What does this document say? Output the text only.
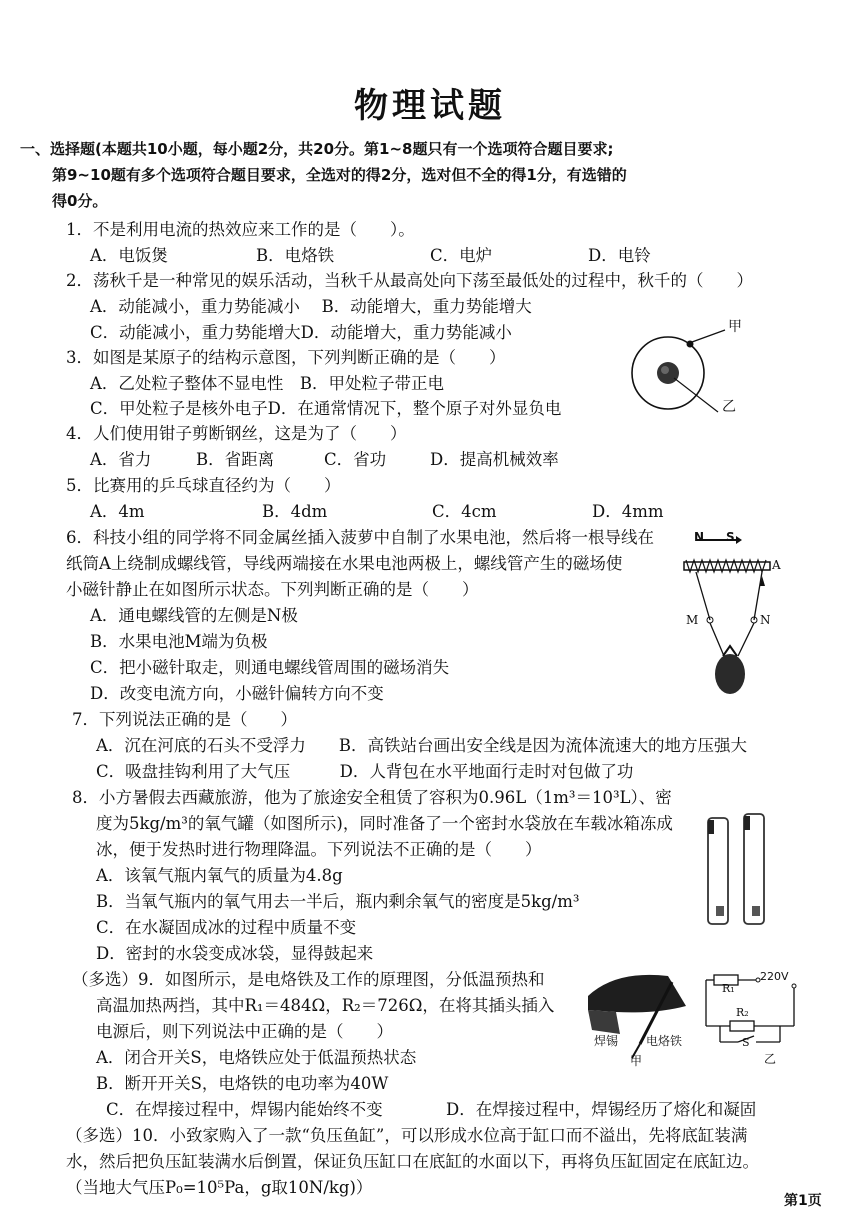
物理试题
一、选择题(本题共10小题，每小题2分，共20分。第1~8题只有一个选项符合题目要求;
第9~10题有多个选项符合题目要求，全选对的得2分，选对但不全的得1分，有选错的
得0分。
1．不是利用电流的热效应来工作的是（　　）。
A．电饭煲	B．电烙铁	C．电炉	D．电铃
2．荡秋千是一种常见的娱乐活动，当秋千从最高处向下荡至最低处的过程中，秋千的（　　）
A．动能减小，重力势能减小　 B．动能增大，重力势能增大
C．动能减小，重力势能增大D．动能增大，重力势能减小
3．如图是某原子的结构示意图，下列判断正确的是（　　）
A．乙处粒子整体不显电性　B．甲处粒子带正电
C．甲处粒子是核外电子D．在通常情况下，整个原子对外显负电
甲
乙
4．人们使用钳子剪断钢丝，这是为了（　　）
A．省力	B．省距离	C．省功	D．提高机械效率
5．比赛用的乒乓球直径约为（　　）
A．4m	B．4dm	C．4cm	D．4mm
6．科技小组的同学将不同金属丝插入菠萝中自制了水果电池，然后将一根导线在
纸筒A上绕制成螺线管，导线两端接在水果电池两极上，螺线管产生的磁场使
小磁针静止在如图所示状态。下列判断正确的是（　　）
A．通电螺线管的左侧是N极
B．水果电池M端为负极
C．把小磁针取走，则通电螺线管周围的磁场消失
D．改变电流方向，小磁针偏转方向不变
N S
A
M	N
7．下列说法正确的是（　　）
A．沉在河底的石头不受浮力　　B．高铁站台画出安全线是因为流体流速大的地方压强大
C．吸盘挂钩利用了大气压　　　D．人背包在水平地面行走时对包做了功
8．小方暑假去西藏旅游，他为了旅途安全租赁了容积为0.96L（1m³＝10³L）、密
度为5kg/m³的氧气罐（如图所示)，同时准备了一个密封水袋放在车载冰箱冻成
冰，便于发热时进行物理降温。下列说法不正确的是（　　）
A．该氧气瓶内氧气的质量为4.8g
B．当氧气瓶内的氧气用去一半后，瓶内剩余氧气的密度是5kg/m³
C．在水凝固成冰的过程中质量不变
D．密封的水袋变成冰袋，显得鼓起来
（多选）9．如图所示，是电烙铁及工作的原理图，分低温预热和
高温加热两挡，其中R₁＝484Ω，R₂＝726Ω，在将其插头插入
电源后，则下列说法中正确的是（　　）
A．闭合开关S，电烙铁应处于低温预热状态
B．断开开关S，电烙铁的电功率为40W
C．在焊接过程中，焊锡内能始终不变	D．在焊接过程中，焊锡经历了熔化和凝固
焊锡 电烙铁
甲
220V
R₁
R₂
S
乙
（多选）10．小致家购入了一款“负压鱼缸”，可以形成水位高于缸口而不溢出，先将底缸装满
水，然后把负压缸装满水后倒置，保证负压缸口在底缸的水面以下，再将负压缸固定在底缸边。
（当地大气压P₀=10⁵Pa，g取10N/kg)）
第1页
